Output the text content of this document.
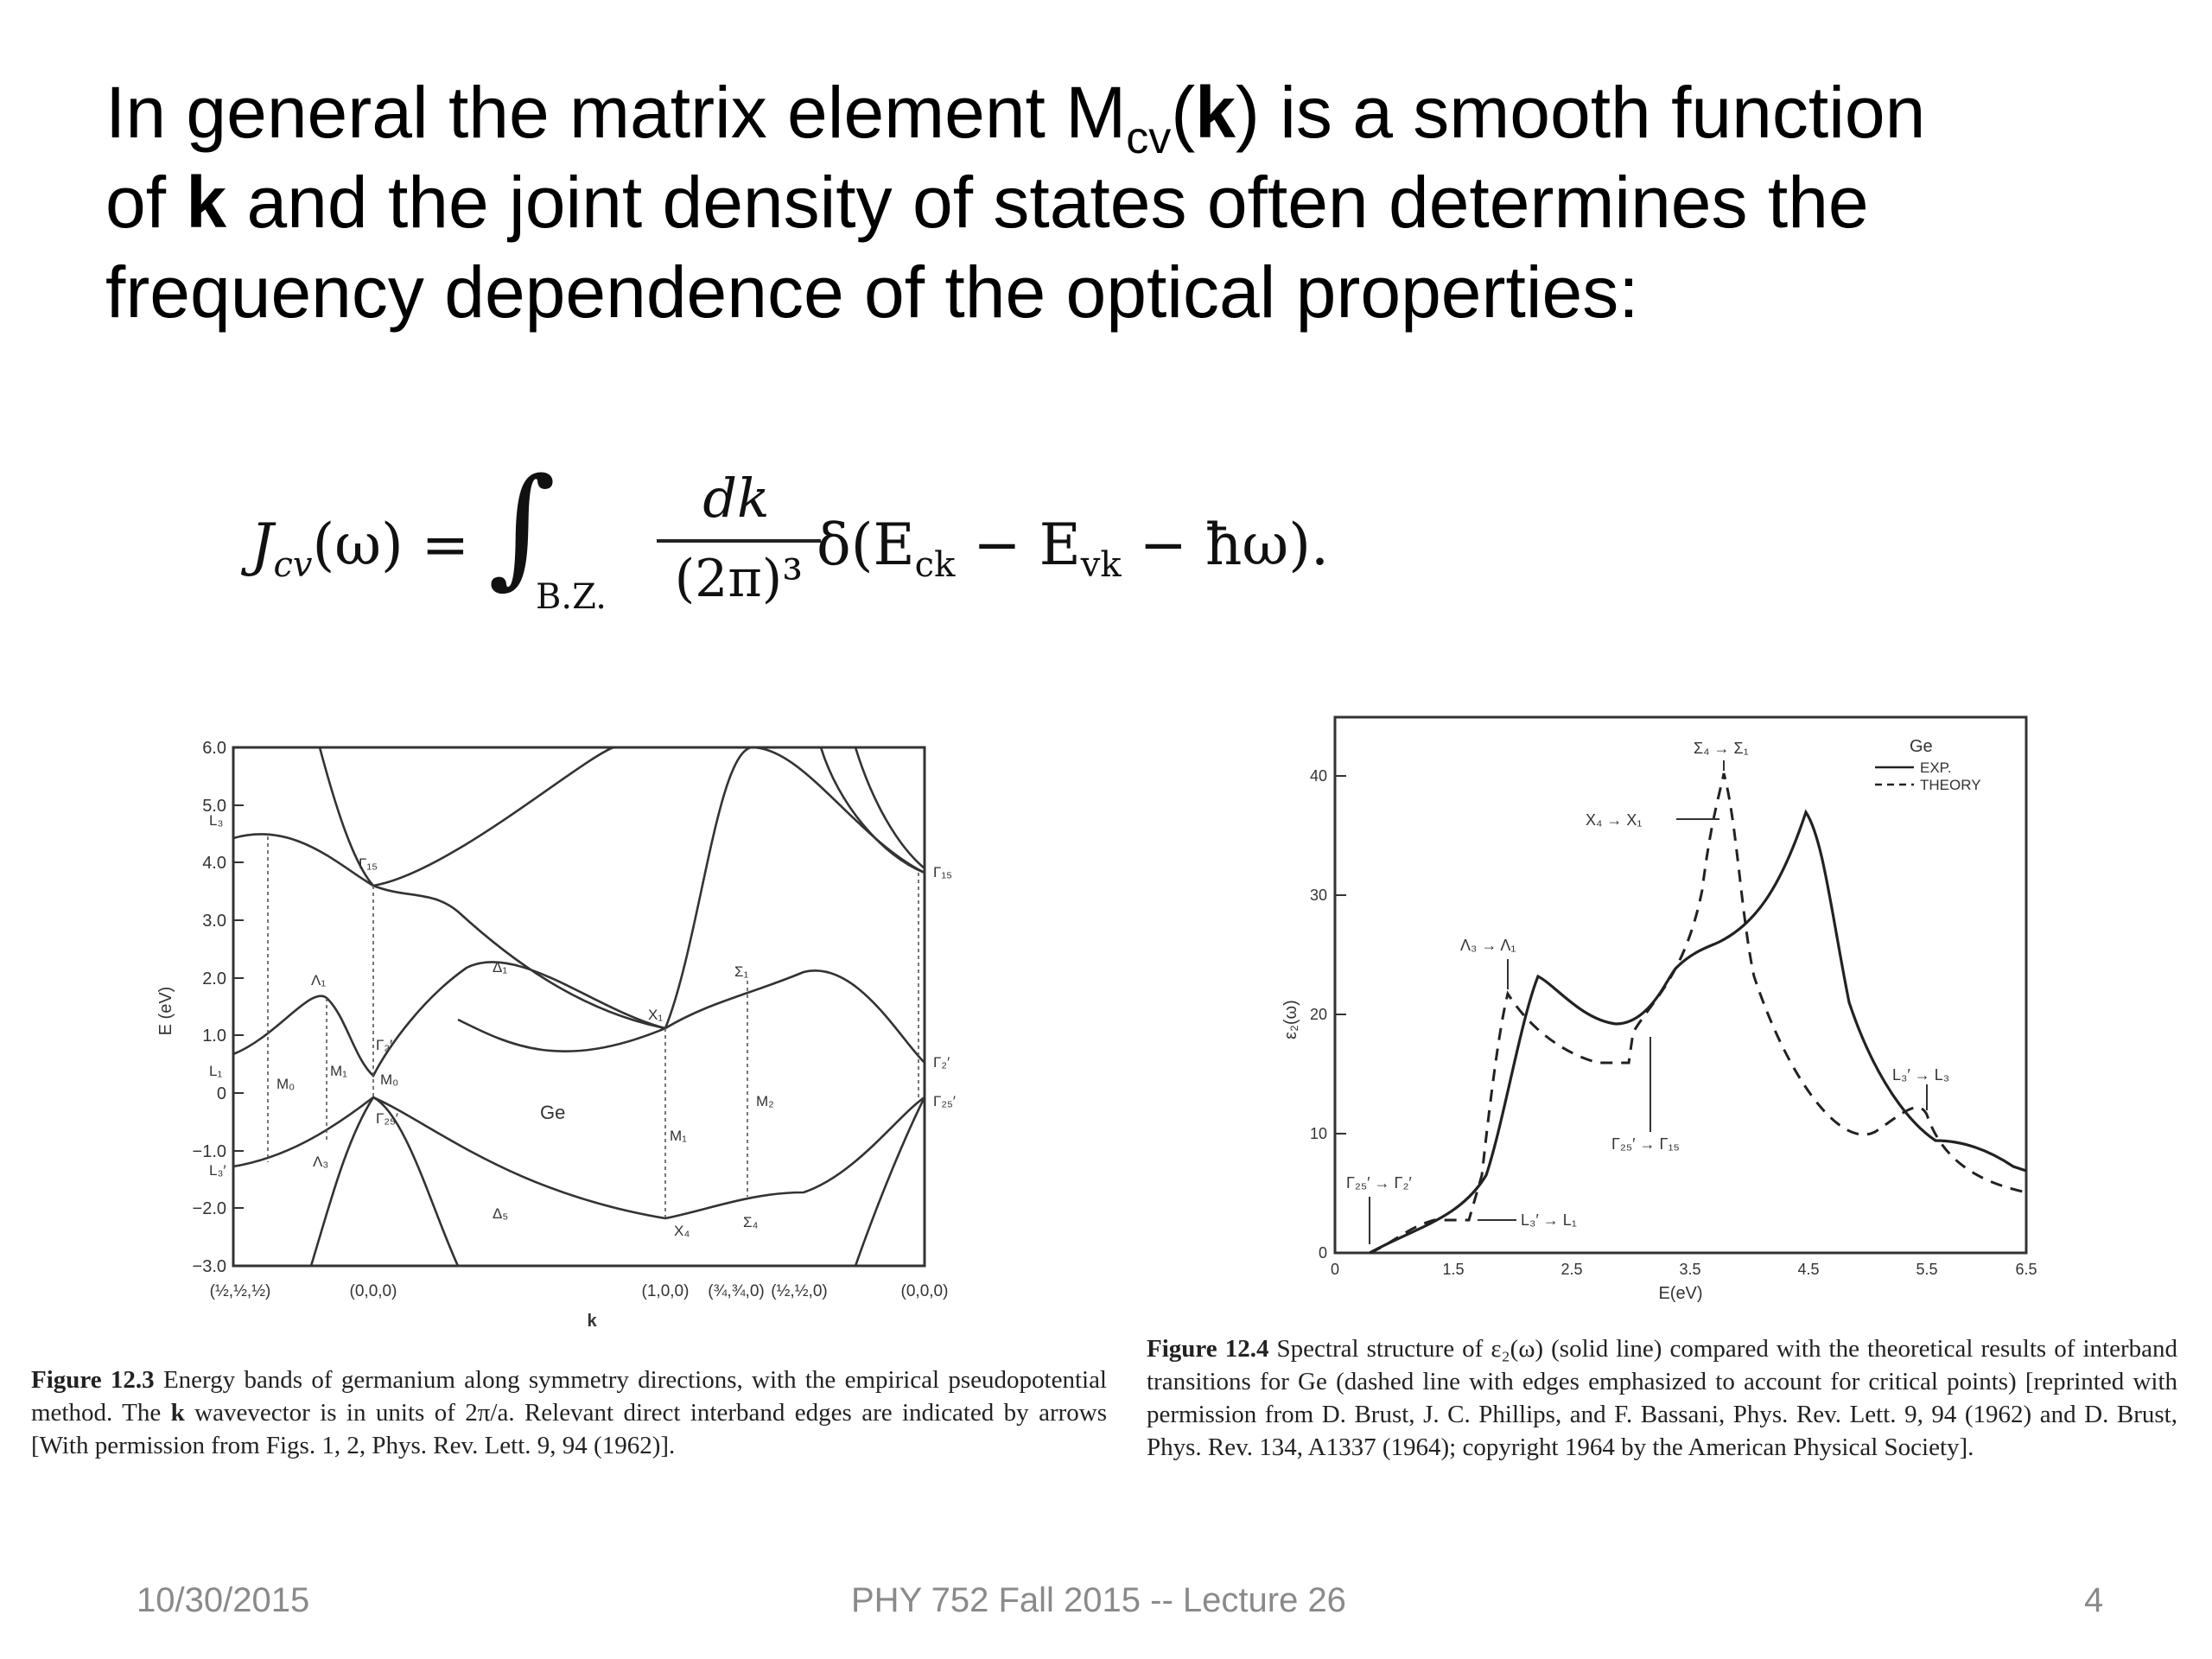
In general the matrix element $M_{cv}(k)$ is a smooth function
of k and the joint density of states often determines the
frequency dependence of the optical properties:
$J_{cv}(\omega)$ = ∫
B.Z.
dk
(2π)³
$\delta(E_{ck} - E_{vk}$ − ħω).
6.0
5.0
4.0
3.0
2.0
1.0
0
−1.0
−2.0
−3.0
E (eV)
(½,½,½)	(0,0,0)	(1,0,0) (¾,¾,0) (½,½,0)	(0,0,0)
k
Ge
L₃
L₁
L₃′
Γ₁₅
Γ₂′
Γ₂₅′
Λ₁
Λ₃
Δ₁
Δ₅
X₁
X₄
Σ₁
Σ₄
M₀
M₁
M₀
M₁
M₂
Γ₁₅
Γ₂′
Γ₂₅′
Figure 12.3 Energy bands of germanium along symmetry directions, with the empirical pseudopotential method. The k wavevector is in units of 2π/a. Relevant direct interband edges are indicated by arrows [With permission from Figs. 1, 2, Phys. Rev. Lett. 9, 94 (1962)].
0
10
20
30
40
ε₂(ω)
0	1.5	2.5	3.5	4.5	5.5	6.5
E(eV)
Ge
EXP.
THEORY
Σ₄ → Σ₁
X₄ → X₁
Λ₃ → Λ₁
Γ₂₅′ → Γ₁₅
L₃′ → L₃
Γ₂₅′ → Γ₂′
L₃′ → L₁
Figure 12.4 Spectral structure of ε₂(ω) (solid line) compared with the theoretical results of interband transitions for Ge (dashed line with edges emphasized to account for critical points) [reprinted with permission from D. Brust, J. C. Phillips, and F. Bassani, Phys. Rev. Lett. 9, 94 (1962) and D. Brust, Phys. Rev. 134, A1337 (1964); copyright 1964 by the American Physical Society].
10/30/2015	PHY 752 Fall 2015 -- Lecture 26	4
